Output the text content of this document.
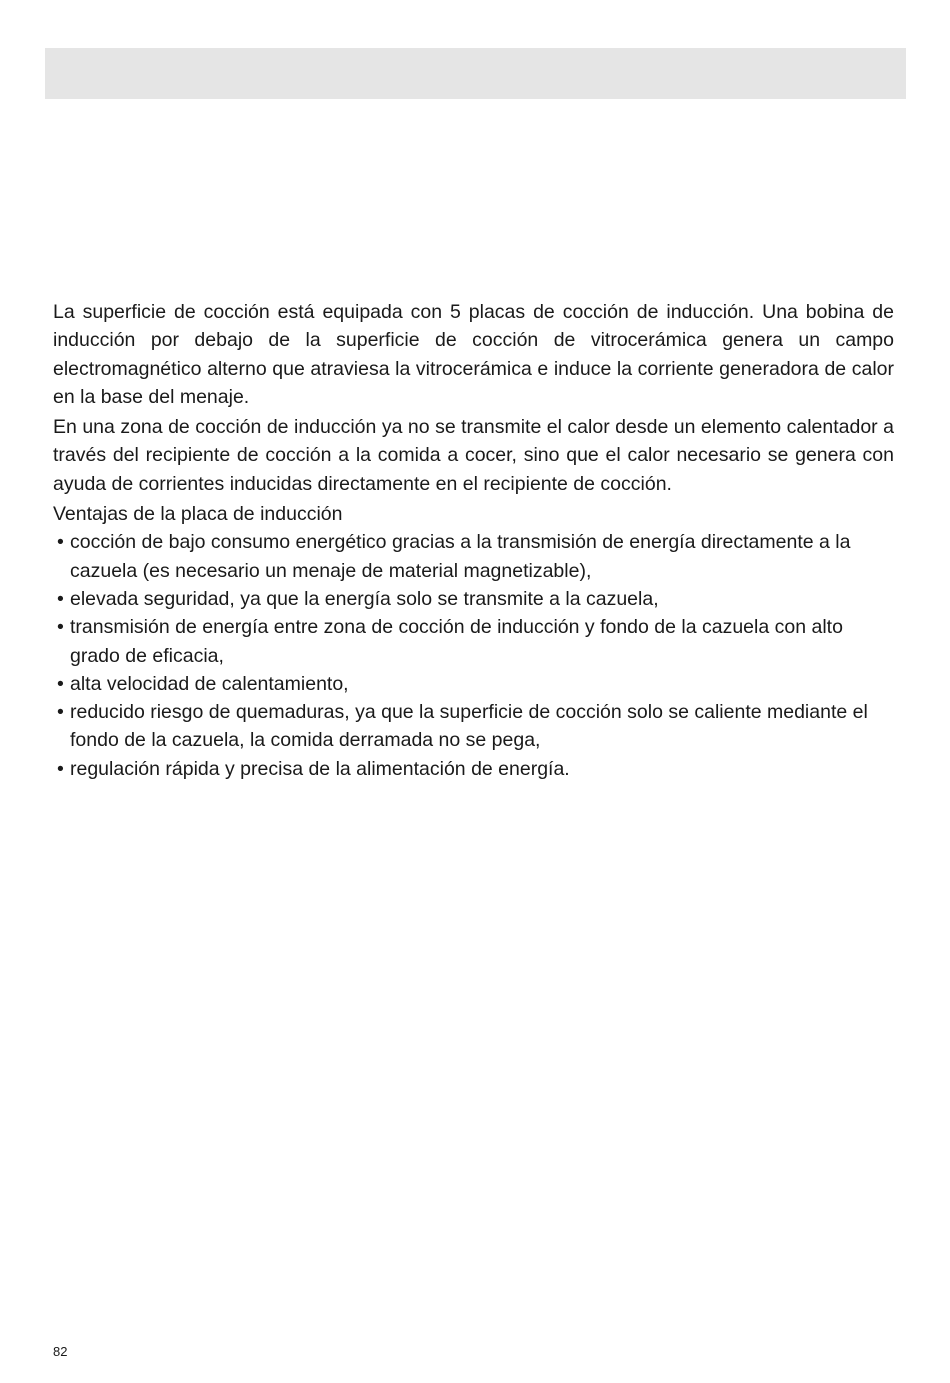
La superficie de cocción está equipada con 5 placas de cocción de inducción. Una bobina de inducción por debajo de la superficie de cocción de vitrocerámica genera un campo electromagnético alterno que atraviesa la vitrocerámica e induce la corriente generadora de calor en la base del menaje.

En una zona de cocción de inducción ya no se transmite el calor desde un elemento calentador a través del recipiente de cocción a la comida a cocer, sino que el calor necesario se genera con ayuda de corrientes inducidas directamente en el recipiente de cocción.

Ventajas de la placa de inducción

• cocción de bajo consumo energético gracias a la transmisión de energía directamente a la cazuela (es necesario un menaje de material magnetizable),
• elevada seguridad, ya que la energía solo se transmite a la cazuela,
• transmisión de energía entre zona de cocción de inducción y fondo de la cazuela con alto grado de eficacia,
• alta velocidad de calentamiento,
• reducido riesgo de quemaduras, ya que la superficie de cocción solo se caliente mediante el fondo de la cazuela, la comida derramada no se pega,
• regulación rápida y precisa de la alimentación de energía.
82
